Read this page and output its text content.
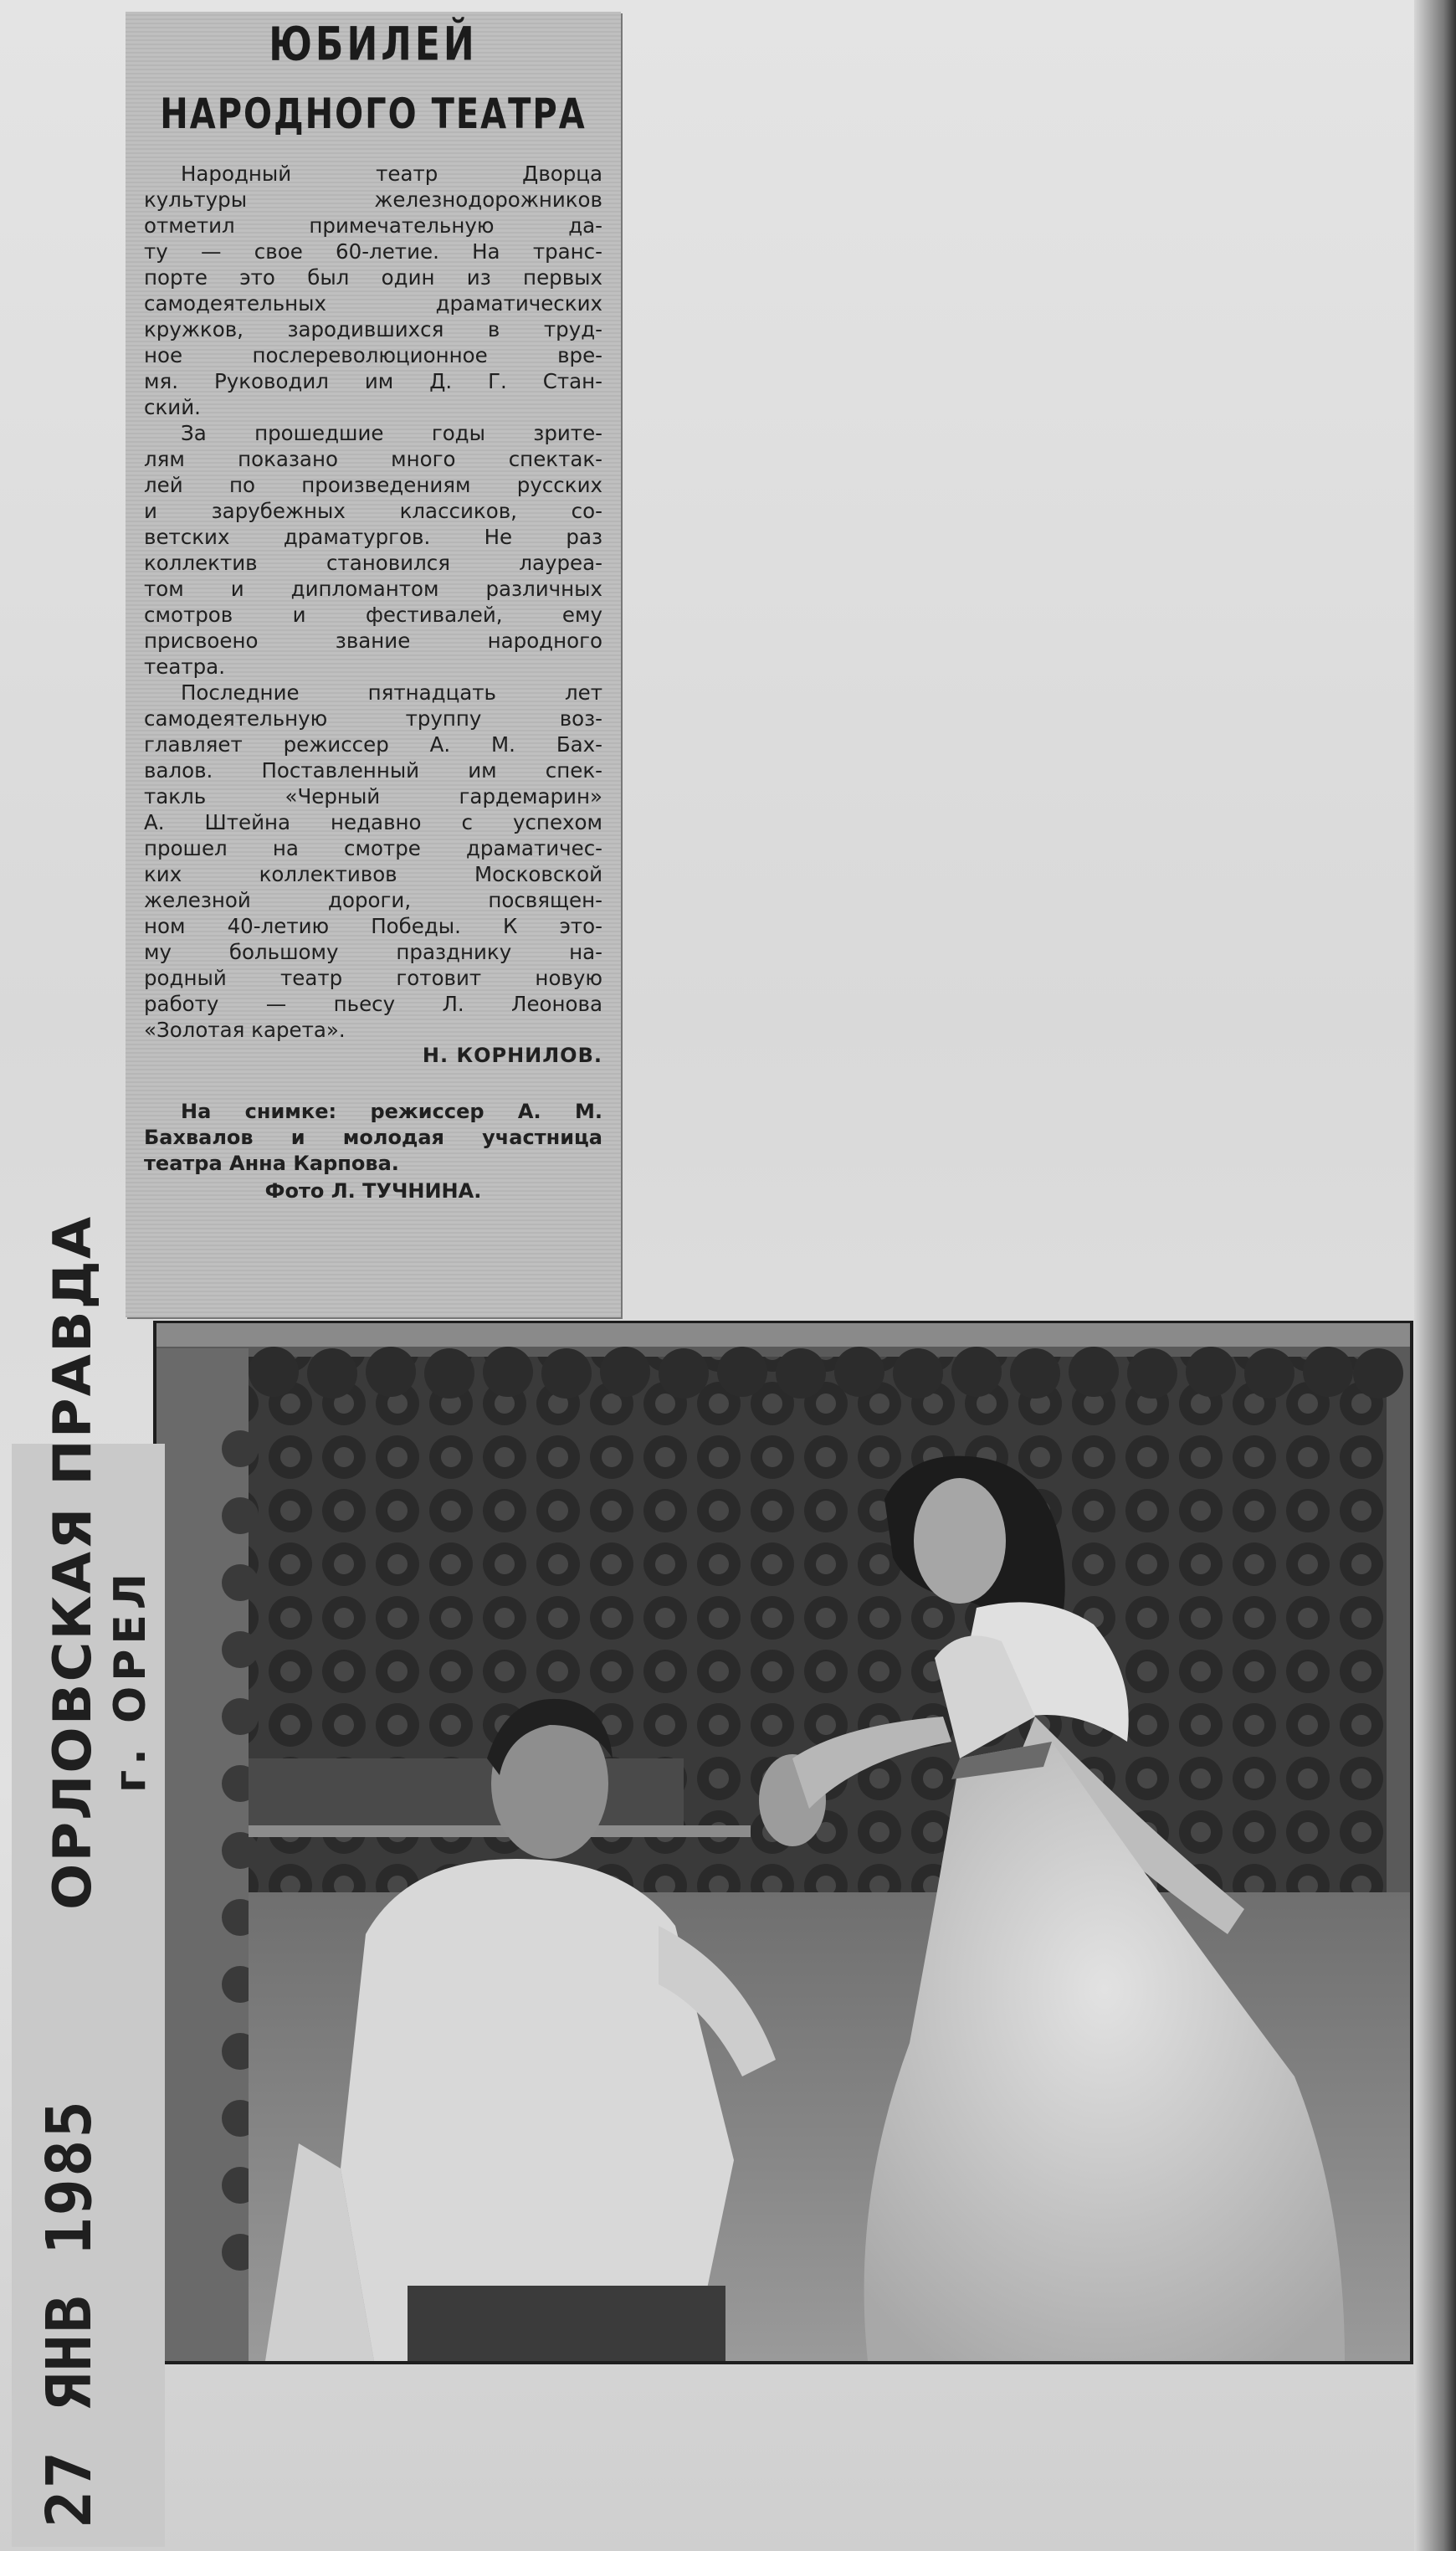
ЮБИЛЕЙ
НАРОДНОГО ТЕАТРА

Народный театр Дворца

культуры железнодорожников

отметил примечательную да-

ту — свое 60-летие. На транс-

порте это был один из первых

самодеятельных драматических

кружков, зародившихся в труд-

ное послереволюционное вре-

мя. Руководил им Д. Г. Стан-

ский.

За прошедшие годы зрите-

лям показано много спектак-

лей по произведениям русских

и зарубежных классиков, со-

ветских драматургов. Не раз

коллектив становился лауреа-

том и дипломантом различных

смотров и фестивалей, ему

присвоено звание народного

театра.

Последние пятнадцать лет

самодеятельную труппу воз-

главляет режиссер А. М. Бах-

валов. Поставленный им спек-

такль «Черный гардемарин»

А. Штейна недавно с успехом

прошел на смотре драматичес-

ких коллективов Московской

железной дороги, посвящен-

ном 40-летию Победы. К это-

му большому празднику на-

родный театр готовит новую

работу — пьесу Л. Леонова

«Золотая карета».

Н. КОРНИЛОВ.

На снимке: режиссер А. М.

Бахвалов и молодая участница

театра Анна Карпова.

Фото Л. ТУЧНИНА.

ОРЛОВСКАЯ ПРАВДА г. ОРЕЛ
27 ЯНВ 1985
